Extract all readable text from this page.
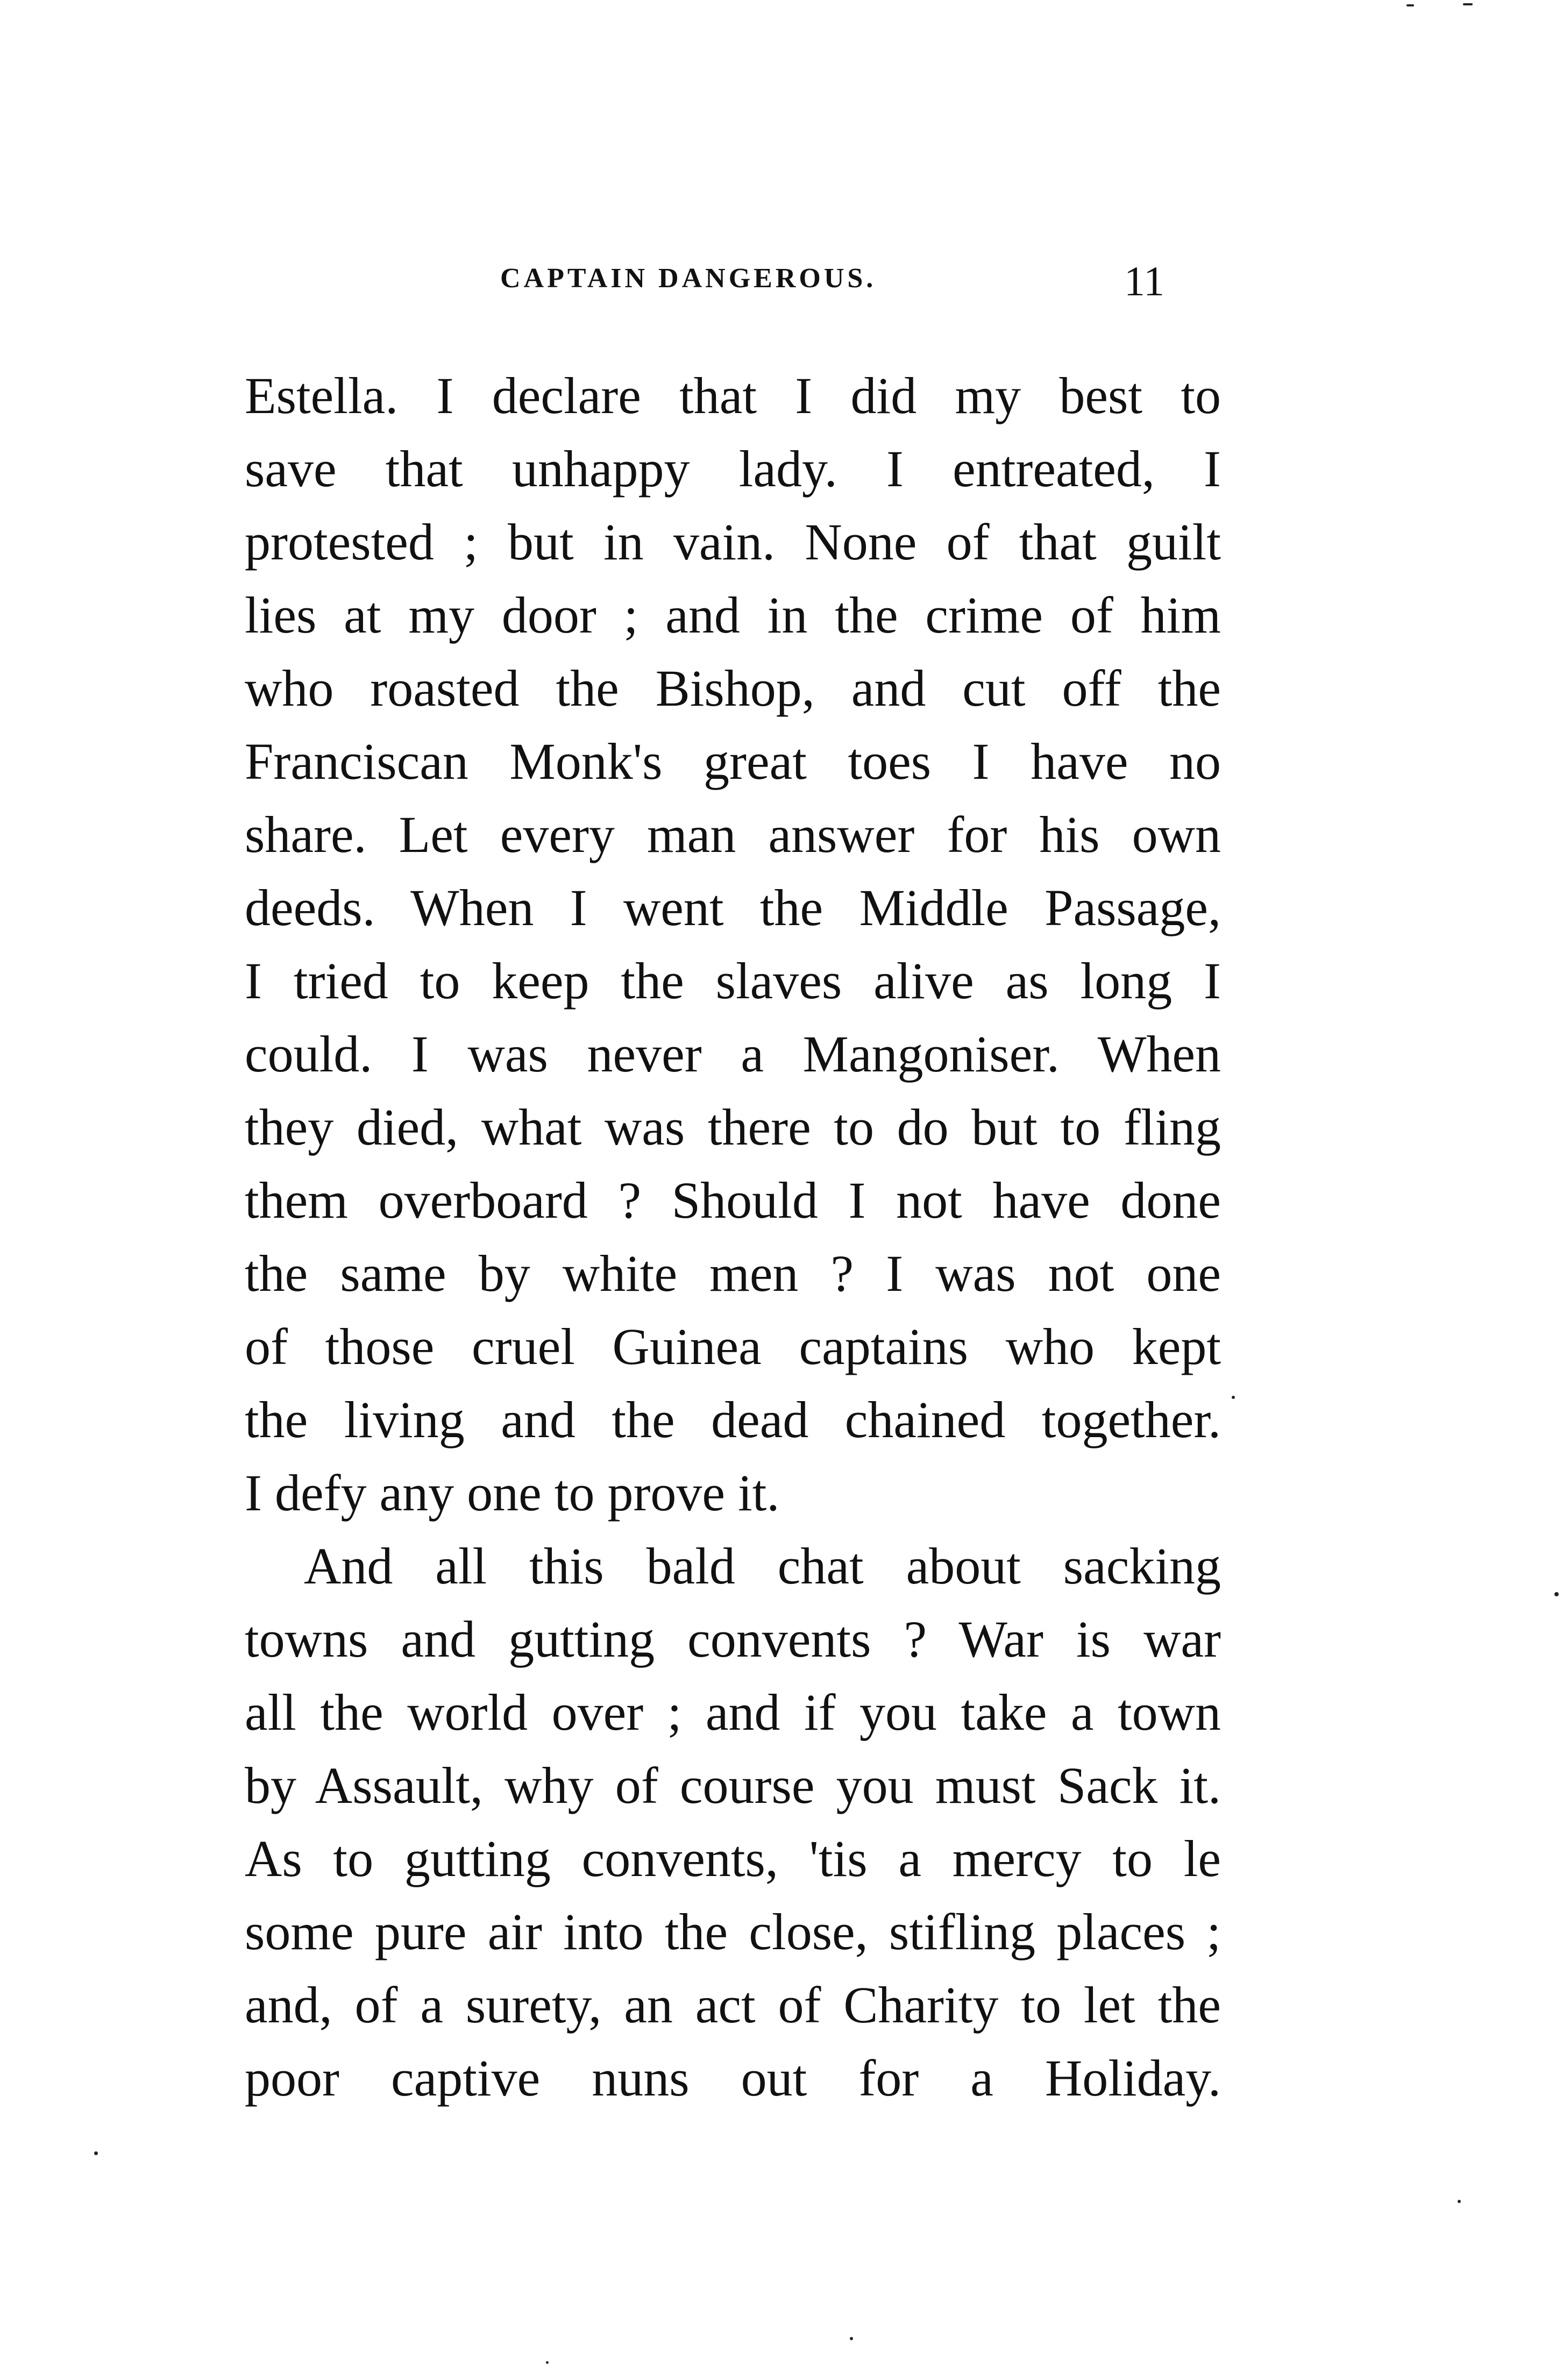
CAPTAIN DANGEROUS.	11
Estella. I declare that I did my best to
save that unhappy lady. I entreated, I
protested ; but in vain. None of that guilt
lies at my door ; and in the crime of him
who roasted the Bishop, and cut off the
Franciscan Monk's great toes I have no
share. Let every man answer for his own
deeds. When I went the Middle Passage,
I tried to keep the slaves alive as long I
could. I was never a Mangoniser. When
they died, what was there to do but to fling
them overboard ? Should I not have done
the same by white men ? I was not one
of those cruel Guinea captains who kept
the living and the dead chained together.
I defy any one to prove it.
And all this bald chat about sacking
towns and gutting convents ? War is war
all the world over ; and if you take a town
by Assault, why of course you must Sack it.
As to gutting convents, 'tis a mercy to le
some pure air into the close, stifling places ;
and, of a surety, an act of Charity to let the
poor captive nuns out for a Holiday.
